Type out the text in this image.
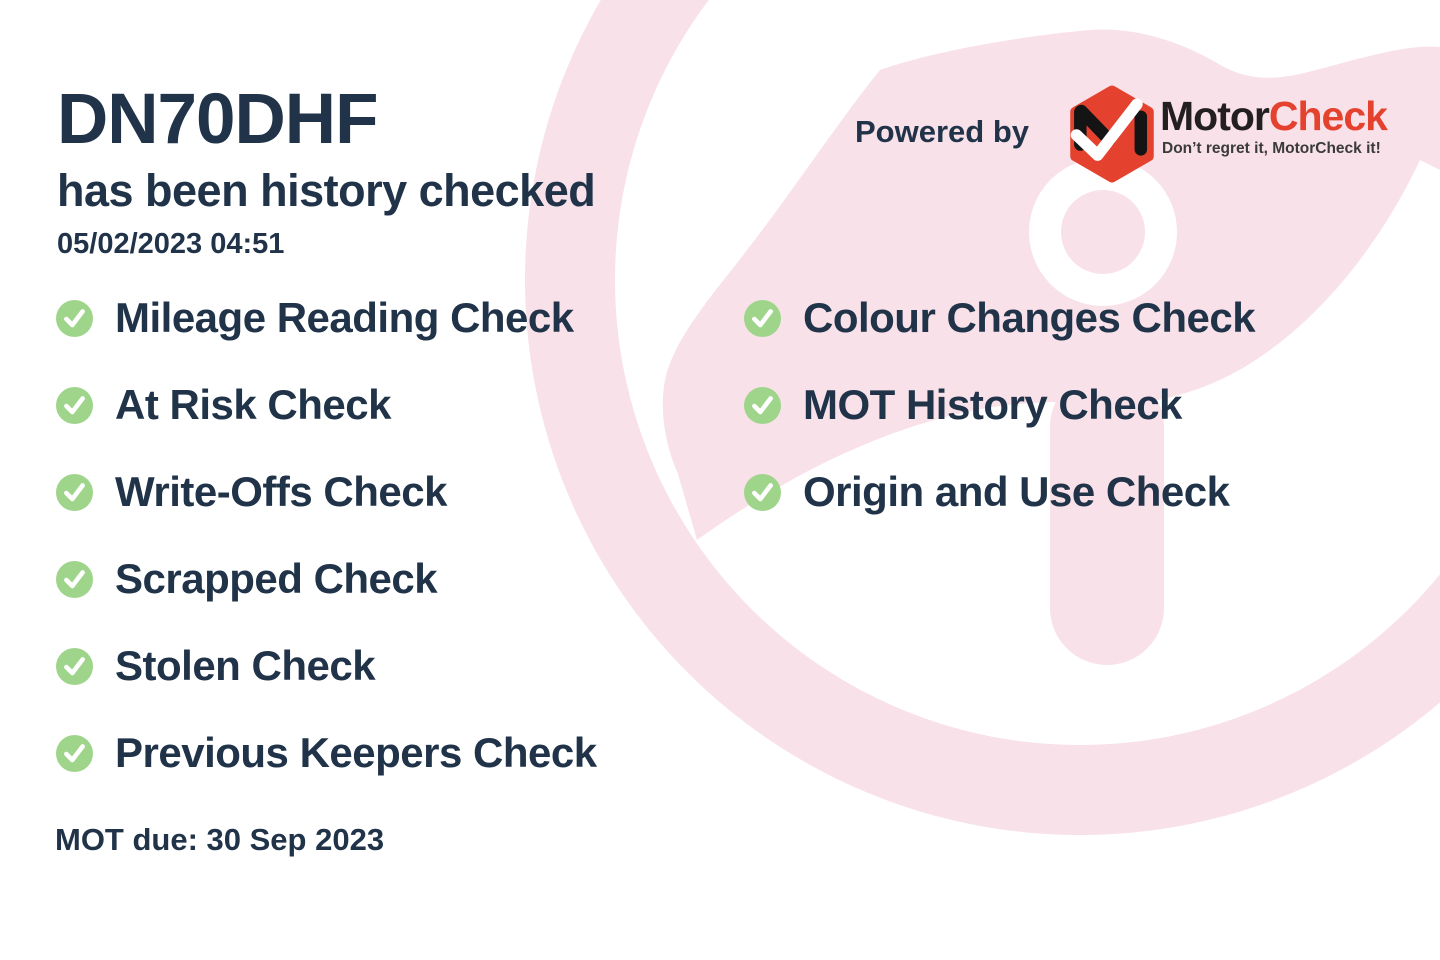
DN70DHF
has been history checked
05/02/2023 04:51
Powered by	MotorCheck
Don’t regret it, MotorCheck it!
Mileage Reading Check
At Risk Check
Write-Offs Check
Scrapped Check
Stolen Check
Previous Keepers Check
Colour Changes Check
MOT History Check
Origin and Use Check
MOT due: 30 Sep 2023
